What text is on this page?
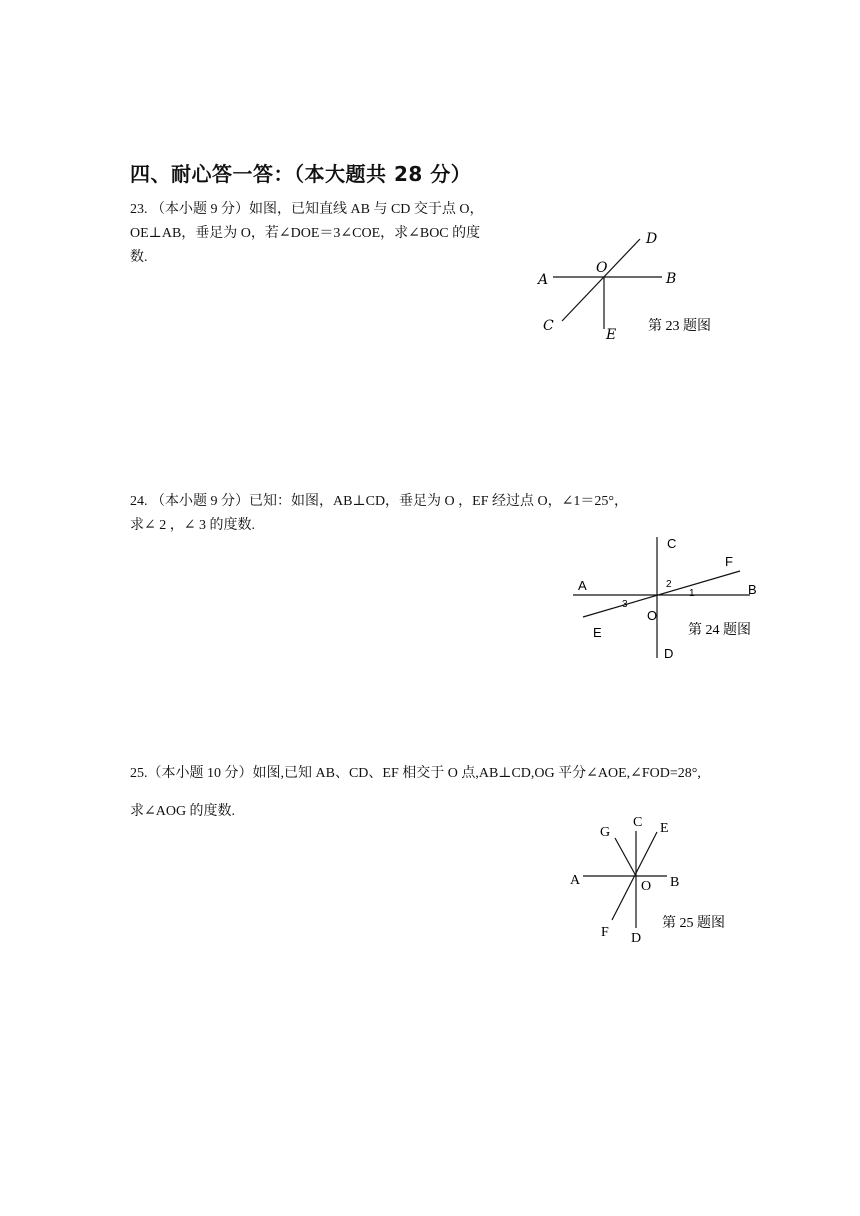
四、耐心答一答：（本大题共 28 分）
23. （本小题 9 分）如图，已知直线 AB 与 CD 交于点 O，
OE⊥AB，垂足为 O，若∠DOE＝3∠COE，求∠BOC 的度
数.
A	B
C
D
E
O
第 23 题图
24. （本小题 9 分）已知：如图，AB⊥CD，垂足为 O ，EF 经过点 O，∠1＝25°，
求∠ 2 ，∠ 3 的度数.
A	B
C
D
E
F
O
1
2
3
第 24 题图
25.（本小题 10 分）如图,已知 AB、CD、EF 相交于 O 点,AB⊥CD,OG 平分∠AOE,∠FOD=28°,
求∠AOG 的度数.
A	B
C
D
E
F
G
O
第 25 题图
